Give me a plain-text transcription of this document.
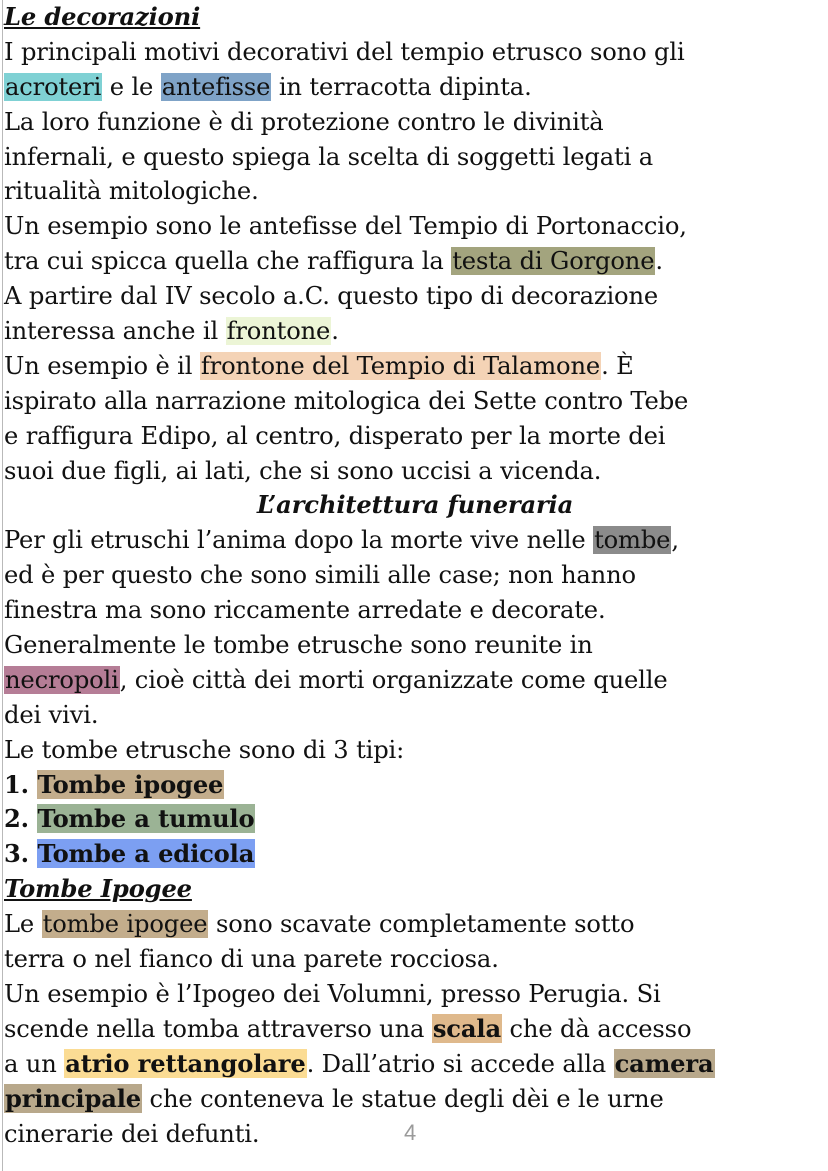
Le decorazioni
I principali motivi decorativi del tempio etrusco sono gli
acroteri e le antefisse in terracotta dipinta.
La loro funzione è di protezione contro le divinità
infernali, e questo spiega la scelta di soggetti legati a
ritualità mitologiche.
Un esempio sono le antefisse del Tempio di Portonaccio,
tra cui spicca quella che raffigura la testa di Gorgone.
A partire dal IV secolo a.C. questo tipo di decorazione
interessa anche il frontone.
Un esempio è il frontone del Tempio di Talamone. È
ispirato alla narrazione mitologica dei Sette contro Tebe
e raffigura Edipo, al centro, disperato per la morte dei
suoi due figli, ai lati, che si sono uccisi a vicenda.
L’architettura funeraria
Per gli etruschi l’anima dopo la morte vive nelle tombe,
ed è per questo che sono simili alle case; non hanno
finestra ma sono riccamente arredate e decorate.
Generalmente le tombe etrusche sono reunite in
necropoli, cioè città dei morti organizzate come quelle
dei vivi.
Le tombe etrusche sono di 3 tipi:
1. Tombe ipogee
2. Tombe a tumulo
3. Tombe a edicola
Tombe Ipogee
Le tombe ipogee sono scavate completamente sotto
terra o nel fianco di una parete rocciosa.
Un esempio è l’Ipogeo dei Volumni, presso Perugia. Si
scende nella tomba attraverso una scala che dà accesso
a un atrio rettangolare. Dall’atrio si accede alla camera
principale che conteneva le statue degli dèi e le urne
cinerarie dei defunti.	4
